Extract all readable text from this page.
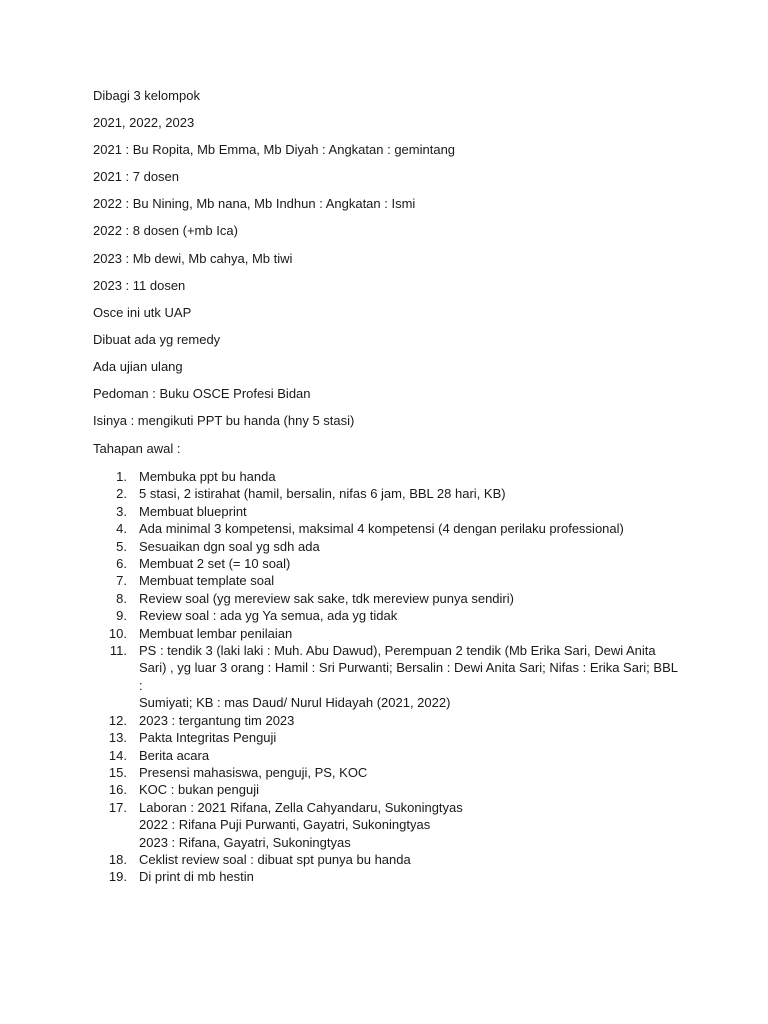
Dibagi 3 kelompok

2021, 2022, 2023

2021 : Bu Ropita, Mb Emma, Mb Diyah : Angkatan : gemintang

2021 : 7 dosen

2022 : Bu Nining, Mb nana, Mb Indhun : Angkatan : Ismi

2022 : 8 dosen (+mb Ica)

2023 : Mb dewi, Mb cahya, Mb tiwi

2023 : 11 dosen

Osce ini utk UAP

Dibuat ada yg remedy

Ada ujian ulang

Pedoman : Buku OSCE Profesi Bidan

Isinya : mengikuti PPT bu handa (hny 5 stasi)

Tahapan awal :

1. Membuka ppt bu handa
2. 5 stasi, 2 istirahat (hamil, bersalin, nifas 6 jam, BBL 28 hari, KB)
3. Membuat blueprint
4. Ada minimal 3 kompetensi, maksimal 4 kompetensi (4 dengan perilaku professional)
5. Sesuaikan dgn soal yg sdh ada
6. Membuat 2 set (= 10 soal)
7. Membuat template soal
8. Review soal (yg mereview sak sake, tdk mereview punya sendiri)
9. Review soal : ada yg Ya semua, ada yg tidak
10. Membuat lembar penilaian
11. PS : tendik 3 (laki laki : Muh. Abu Dawud), Perempuan 2 tendik (Mb Erika Sari, Dewi Anita
Sari) , yg luar 3 orang : Hamil : Sri Purwanti; Bersalin : Dewi Anita Sari; Nifas : Erika Sari; BBL :
Sumiyati; KB : mas Daud/ Nurul Hidayah (2021, 2022)
12. 2023 : tergantung tim 2023
13. Pakta Integritas Penguji
14. Berita acara
15. Presensi mahasiswa, penguji, PS, KOC
16. KOC : bukan penguji
17. Laboran : 2021 Rifana, Zella Cahyandaru, Sukoningtyas
2022 : Rifana Puji Purwanti, Gayatri, Sukoningtyas
2023 : Rifana, Gayatri, Sukoningtyas
18. Ceklist review soal : dibuat spt punya bu handa
19. Di print di mb hestin
